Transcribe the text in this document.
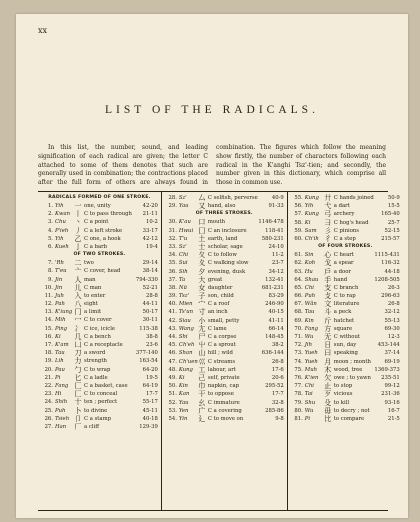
xx
LIST OF THE RADICALS.

In this list, the number, sound, and leading signification of each radical are given; the letter C attached to some of them denotes that such are generally used in combination; the contractions placed after the full form of others are always found in combination. The figures which follow the meaning show firstly, the number of characters following each radical in the K'anghi Tsz'-tien; and secondly, the number given in this dictionary, which comprise all those in common use.

RADICALS FORMED OF ONE STROKE.
1. Yih	一 one, unity	42-20
2. Kwan 丨 C to pass through	21-11
3. Chu	丶 C a point	10-2
4. P'ieh 丿 C a left stroke	33-17
5. Yih	乙 C one, a hook	42-12
6. Kueh 亅 C a barb	19-4
OF TWO STROKES.
7. 'Rh	二 two	29-14
8. T'eu	亠 C cover, head	38-14
9. Jin	人 man	794-330
10. Jin	儿 C man	52-21
11. Juh	入 to enter	28-8
12. Pah	八 eight	44-11
13. K'iung 冂 a limit	50-17
14. Mih	冖 C to cover	30-11
15. Ping	冫 C ice, icicle	115-38
16. Ki	几 C a bench	38-8
17. K'am 凵 C a receptacle	23-6
18. Tau	刀 a sword	377-140
19. Lih	力 strength	163-54
20. Pau	勹 C to wrap	64-20
21. Pi	匕 C a ladle	19-5
22. Fang 匚 C a basket, case	64-19
23. Hi	匸 C to conceal	17-7
24. Shih	十 ten ; perfect	55-17
25. Puh	卜 to divine	45-11
26. Tsieh 卩 C a stamp	40-18
27. Han	厂 a cliff	129-39
28. Sz'	厶 C selfish, perverse	40-9
29. Yau	又 hand, also	91-33
OF THREE STROKES.
30. K'au	口 mouth	1146-478
31. Hwui 囗 C an inclosure	118-41
32. T'u	土 earth, land	580-231
33. Sz'	士 scholar, sage	24-10
34. Chi	夂 C to follow	11-2
35. Sui	夊 C walking slow	23-7
36. Sih	夕 evening, dusk	34-12
37. Ta	大 great	132-41
38. Nü	女 daughter	681-231
39. Tsz'	子 son, child	83-29
40. Mien 宀 C a roof	246-90
41. Ts'un 寸 an inch	40-15
42. Siau	小 small, petty	41-11
43. Wang 尢 C lame	66-14
44. Shi	尸 C a corpse	148-45
45. Ch'eh 屮 C a sprout	38-2
46. Shan 山 hill ; wild	636-144
47. Ch'uen 巛 C streams	26-8
48. Kung 工 labour, art	17-6
49. Ki	己 self, private	20-6
50. Kin	巾 napkin, cap	295-52
51. Kan	干 to oppose	17-7
52. Yau	幺 C immature	32-8
53. Yen	广 C a covering	285-86
54. Yin	廴 C to move on	9-8
55. Kung 廾 C hands joined	50-9
56. Yih	弋 a dart	15-5
57. Kung 弓 archery	165-40
58. Ki	彐 C hog's head	25-7
59. Sam	彡 C pinions	52-15
60. Ch'ih 彳 C a step	215-57
OF FOUR STROKES.
61. Sin	心 C heart	1115-431
62. Koh	戈 a spear	116-32
63. Hu	戶 a door	44-18
64. Shau 手 hand	1208-505
65. Chi	支 C branch	26-3
66. Puh	攴 C to rap	296-63
67. Wăn	文 literature	26-8
68. Tau	斗 a peck	32-12
69. Kin	斤 hatchet	55-13
70. Fang 方 square	69-30
71. Wu	无 C without	12-3
72. Jih	日 sun, day	453-144
73. Yueh 曰 speaking	37-14
74. Yueh 月 moon ; month	69-19
75. Muh	木 wood, tree	1369-373
76. K'ien 欠 owe ; to yawn	235-51
77. Chi	止 to stop	99-12
78. Tai	歹 vicious	231-36
79. Shu	殳 to kill	93-16
80. Wu	毋 to decry ; not	16-7
81. Pi	比 to compare	21-5
